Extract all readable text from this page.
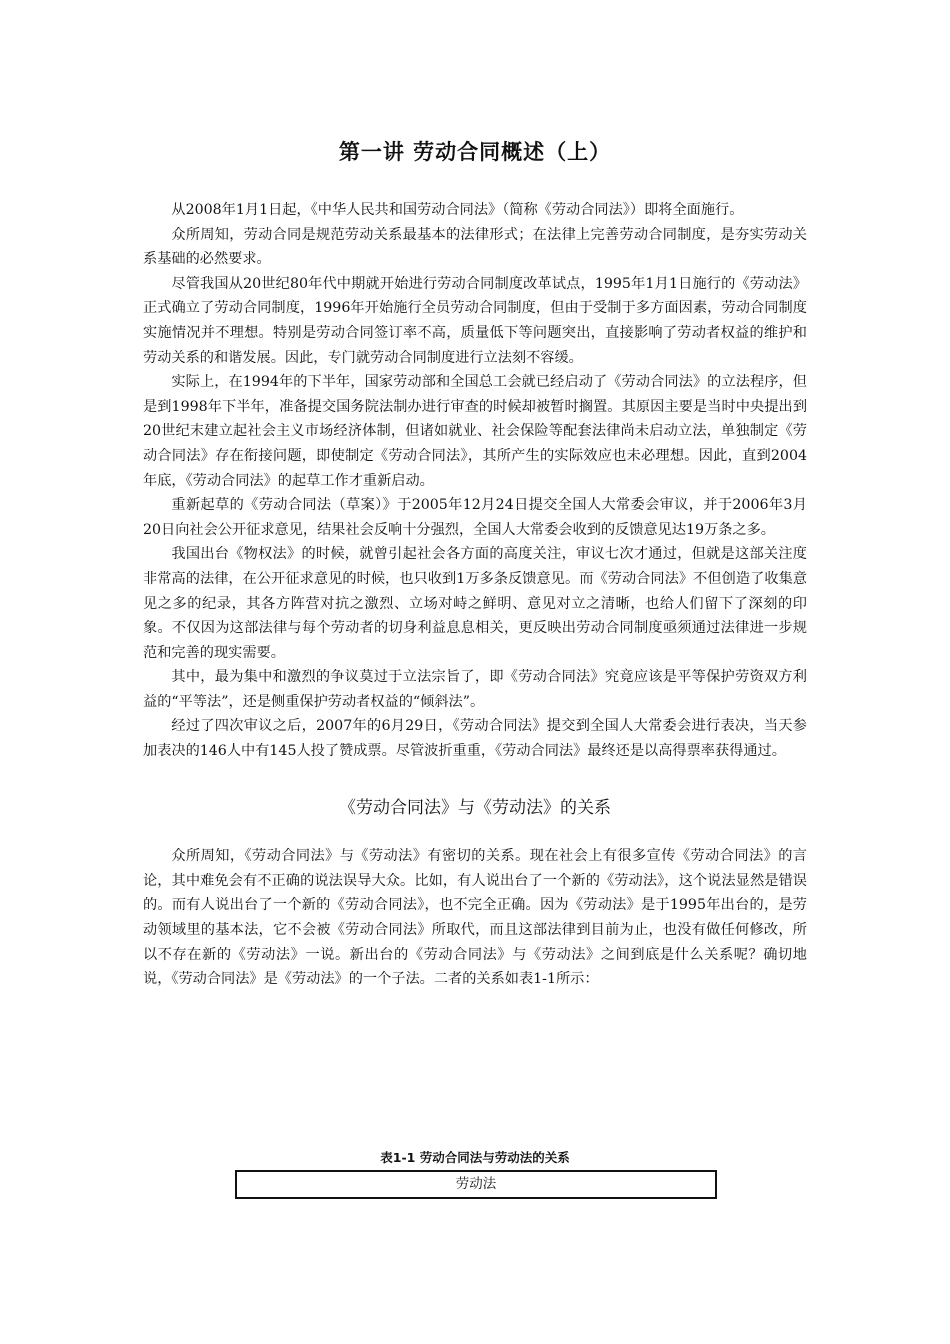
第一讲 劳动合同概述（上）

从2008年1月1日起，《中华人民共和国劳动合同法》（简称《劳动合同法》）即将全面施行。

众所周知，劳动合同是规范劳动关系最基本的法律形式；在法律上完善劳动合同制度，是夯实劳动关系基础的必然要求。

尽管我国从20世纪80年代中期就开始进行劳动合同制度改革试点，1995年1月1日施行的《劳动法》正式确立了劳动合同制度，1996年开始施行全员劳动合同制度，但由于受制于多方面因素，劳动合同制度实施情况并不理想。特别是劳动合同签订率不高，质量低下等问题突出，直接影响了劳动者权益的维护和劳动关系的和谐发展。因此，专门就劳动合同制度进行立法刻不容缓。

实际上，在1994年的下半年，国家劳动部和全国总工会就已经启动了《劳动合同法》的立法程序，但是到1998年下半年，准备提交国务院法制办进行审查的时候却被暂时搁置。其原因主要是当时中央提出到20世纪末建立起社会主义市场经济体制，但诸如就业、社会保险等配套法律尚未启动立法，单独制定《劳动合同法》存在衔接问题，即使制定《劳动合同法》，其所产生的实际效应也未必理想。因此，直到2004年底，《劳动合同法》的起草工作才重新启动。

重新起草的《劳动合同法（草案）》于2005年12月24日提交全国人大常委会审议，并于2006年3月20日向社会公开征求意见，结果社会反响十分强烈，全国人大常委会收到的反馈意见达19万条之多。

我国出台《物权法》的时候，就曾引起社会各方面的高度关注，审议七次才通过，但就是这部关注度非常高的法律，在公开征求意见的时候，也只收到1万多条反馈意见。而《劳动合同法》不但创造了收集意见之多的纪录，其各方阵营对抗之激烈、立场对峙之鲜明、意见对立之清晰，也给人们留下了深刻的印象。不仅因为这部法律与每个劳动者的切身利益息息相关，更反映出劳动合同制度亟须通过法律进一步规范和完善的现实需要。

其中，最为集中和激烈的争议莫过于立法宗旨了，即《劳动合同法》究竟应该是平等保护劳资双方利益的“平等法”，还是侧重保护劳动者权益的“倾斜法”。

经过了四次审议之后，2007年的6月29日，《劳动合同法》提交到全国人大常委会进行表决，当天参加表决的146人中有145人投了赞成票。尽管波折重重，《劳动合同法》最终还是以高得票率获得通过。

《劳动合同法》与《劳动法》的关系

众所周知，《劳动合同法》与《劳动法》有密切的关系。现在社会上有很多宣传《劳动合同法》的言论，其中难免会有不正确的说法误导大众。比如，有人说出台了一个新的《劳动法》，这个说法显然是错误的。而有人说出台了一个新的《劳动合同法》，也不完全正确。因为《劳动法》是于1995年出台的，是劳动领域里的基本法，它不会被《劳动合同法》所取代，而且这部法律到目前为止，也没有做任何修改，所以不存在新的《劳动法》一说。新出台的《劳动合同法》与《劳动法》之间到底是什么关系呢？确切地说，《劳动合同法》是《劳动法》的一个子法。二者的关系如表1-1所示：

表1-1 劳动合同法与劳动法的关系
劳动法
